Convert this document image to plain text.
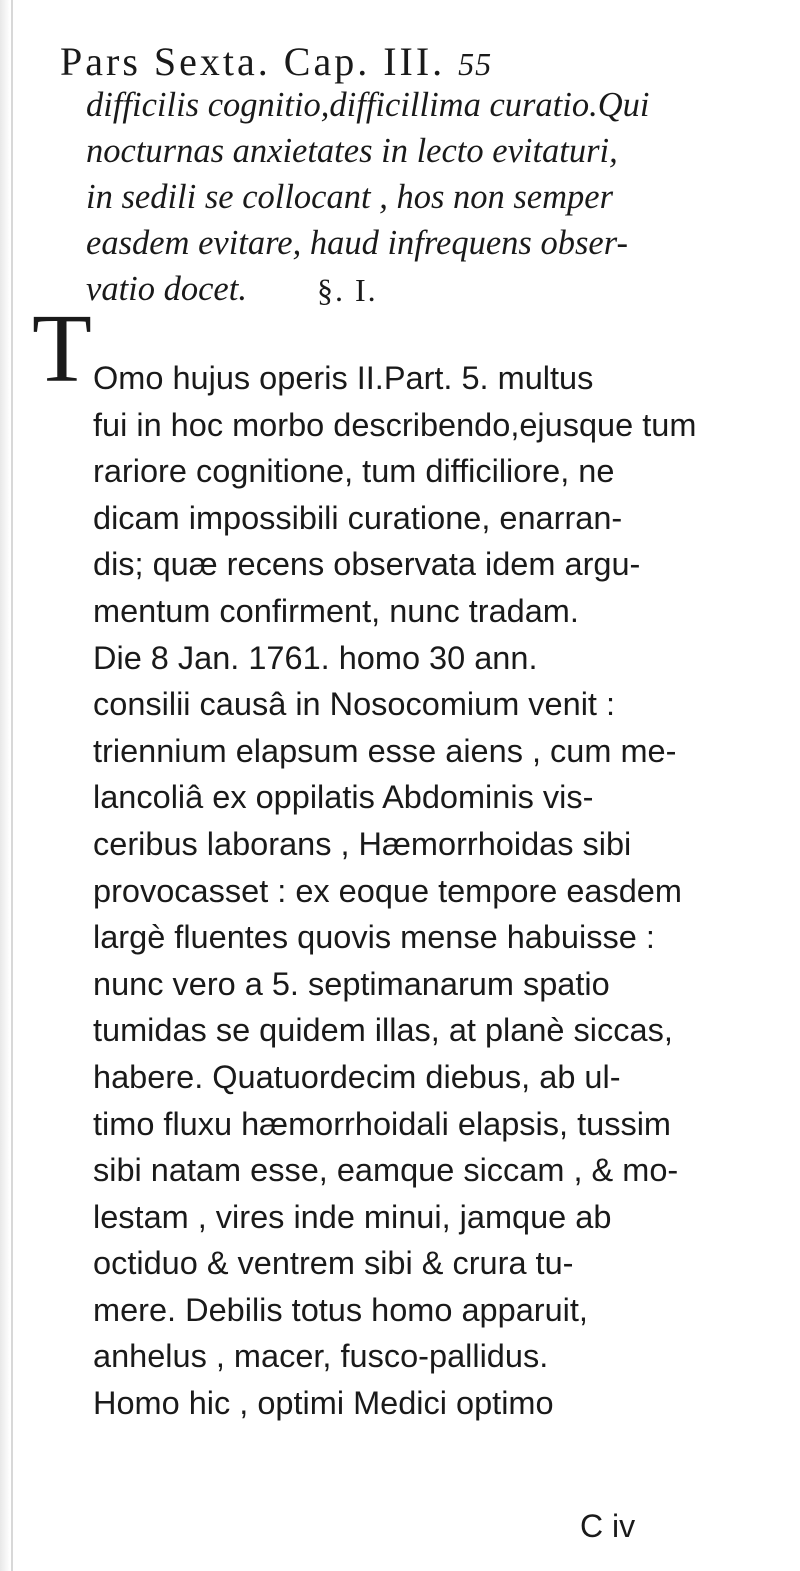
Pars Sexta. Cap. III. 55
difficilis cognitio,difficillima curatio.Qui
nocturnas anxietates in lecto evitaturi,
in sedili se collocant , hos non semper
easdem evitare, haud infrequens obser-
vatio docet.	§. I.
T Omo hujus operis II.Part. 5. multus
fui in hoc morbo describendo,ejusque tum
rariore cognitione, tum difficiliore, ne
dicam impossibili curatione, enarran-
dis; quæ recens observata idem argu-
mentum confirment, nunc tradam.
Die 8 Jan. 1761. homo 30 ann.
consilii causâ in Nosocomium venit :
triennium elapsum esse aiens , cum me-
lancoliâ ex oppilatis Abdominis vis-
ceribus laborans , Hæmorrhoidas sibi
provocasset : ex eoque tempore easdem
largè fluentes quovis mense habuisse :
nunc vero a 5. septimanarum spatio
tumidas se quidem illas, at planè siccas,
habere. Quatuordecim diebus, ab ul-
timo fluxu hæmorrhoidali elapsis, tussim
sibi natam esse, eamque siccam , & mo-
lestam , vires inde minui, jamque ab
octiduo & ventrem sibi & crura tu-
mere. Debilis totus homo apparuit,
anhelus , macer, fusco-pallidus.
Homo hic , optimi Medici optimo
C iv
